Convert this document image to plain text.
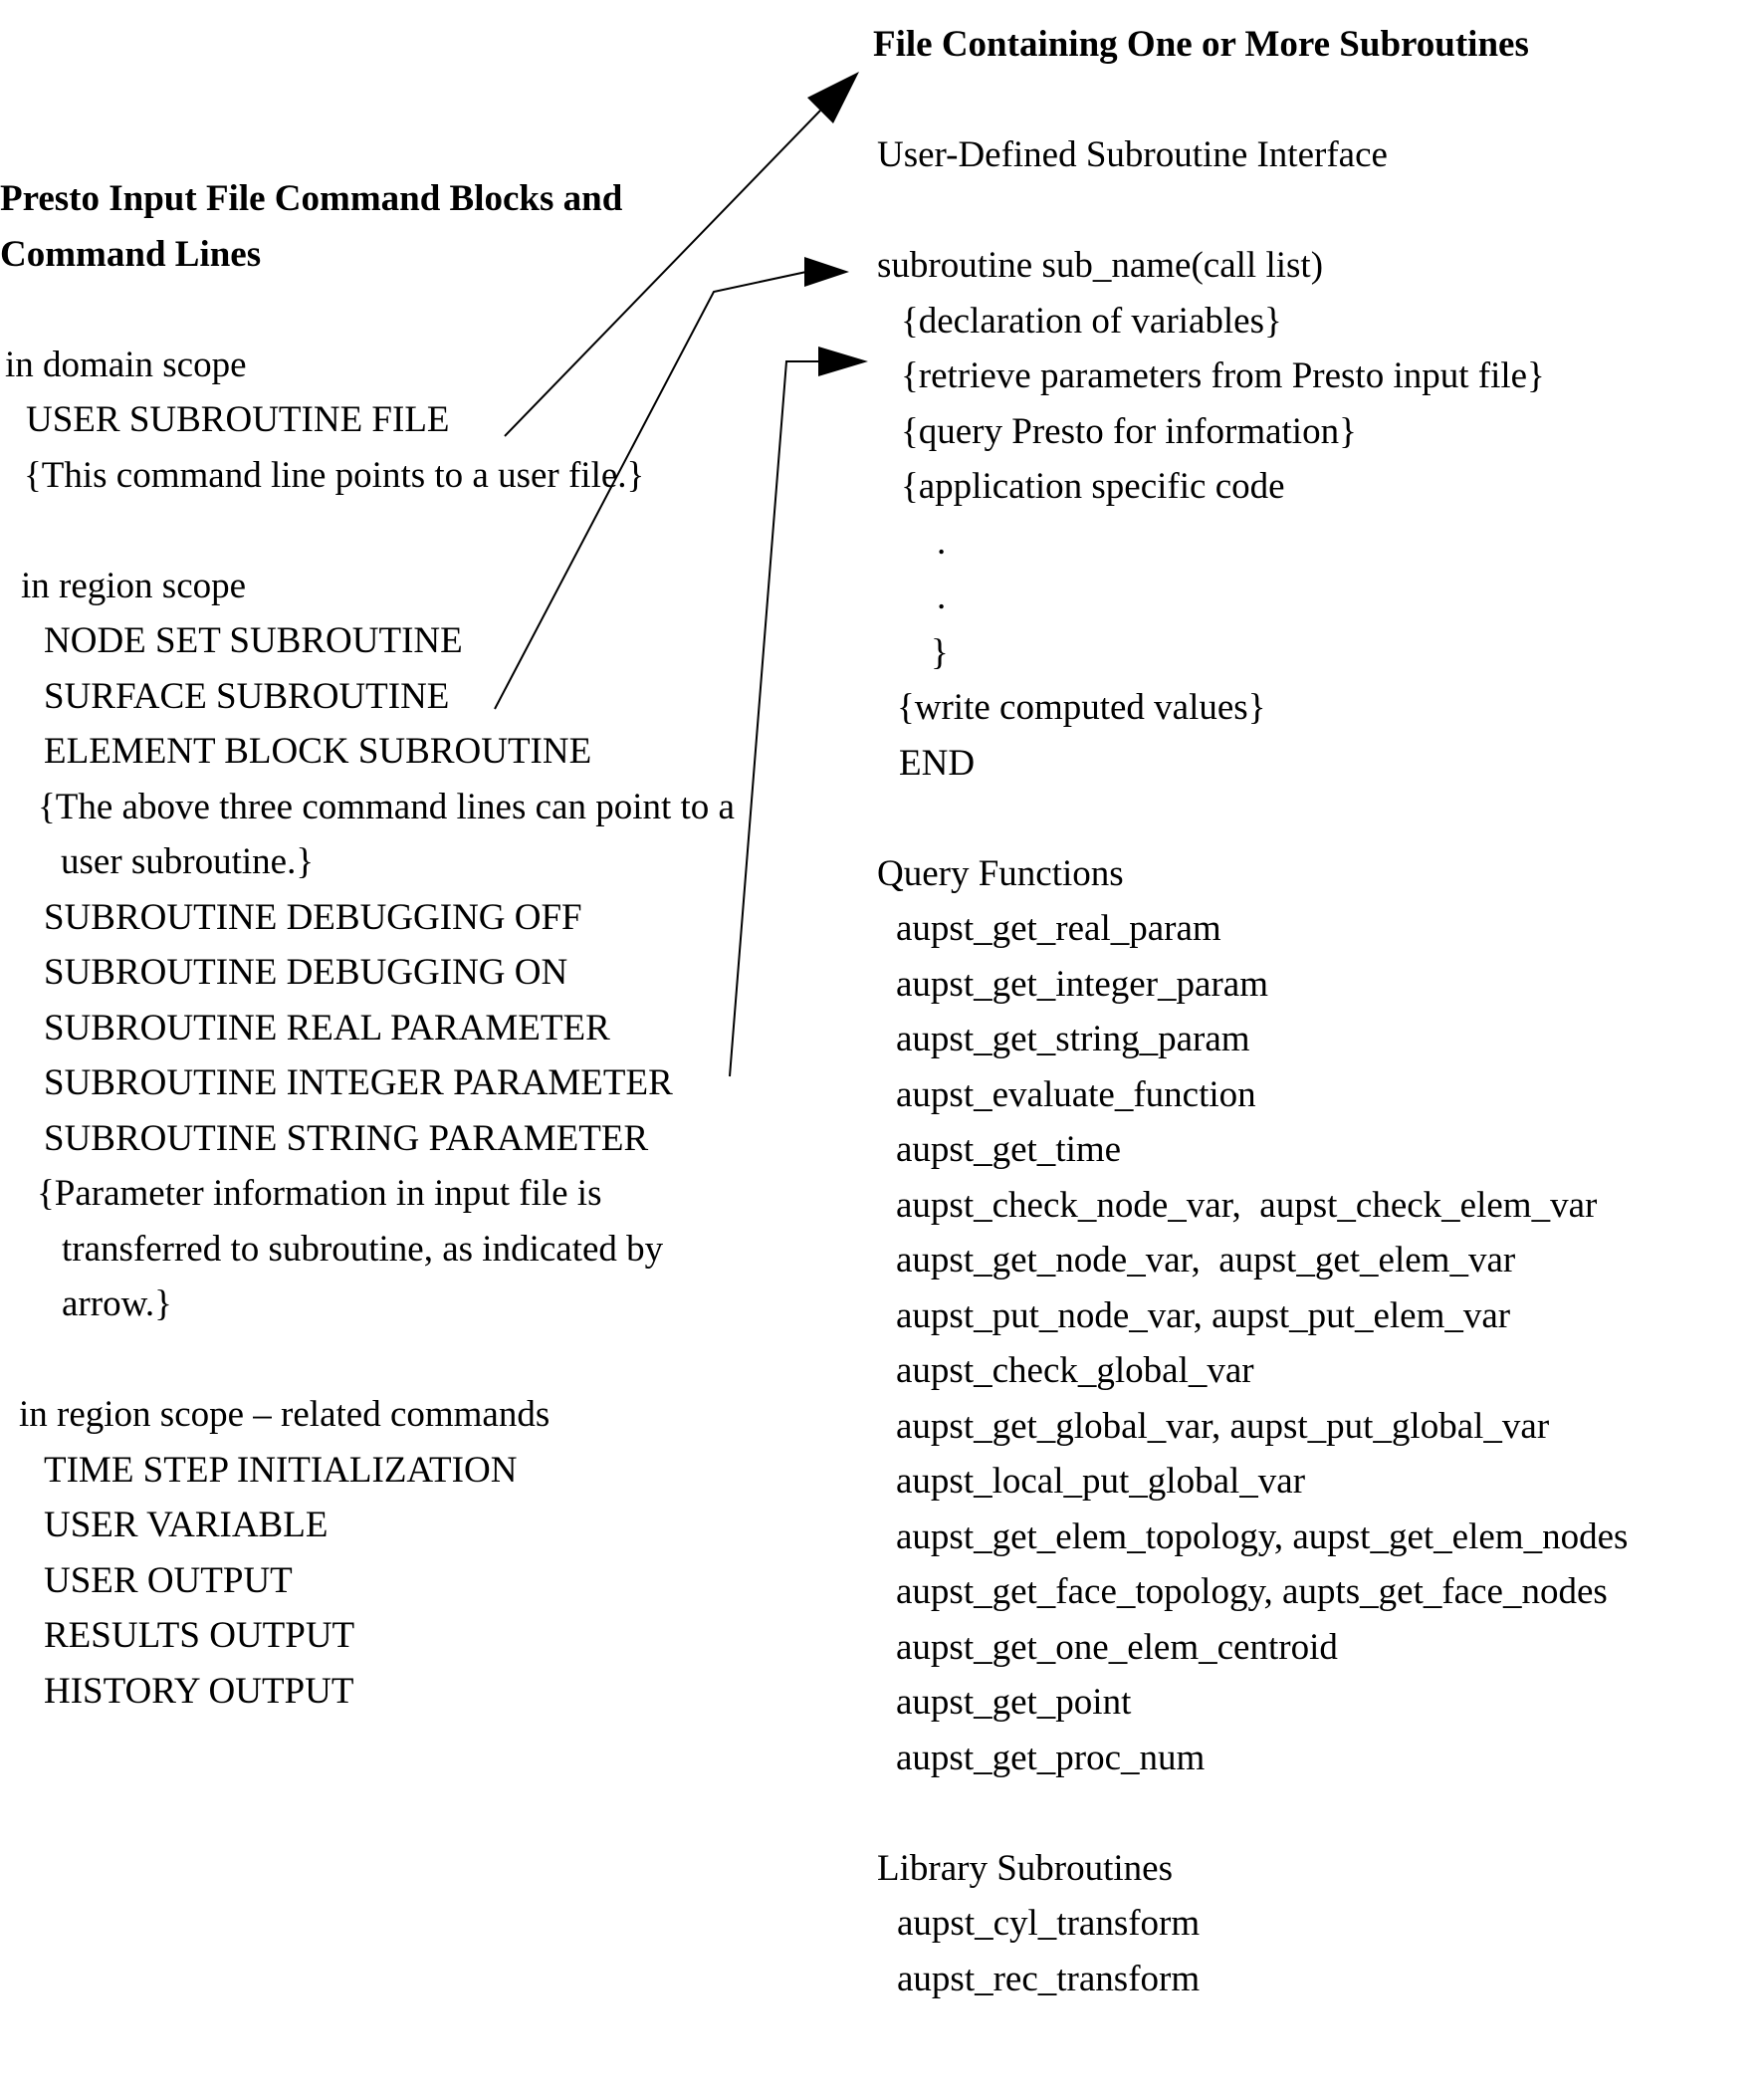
Presto Input File Command Blocks and
Command Lines
in domain scope
USER SUBROUTINE FILE
{This command line points to a user file.}
in region scope
NODE SET SUBROUTINE
SURFACE SUBROUTINE
ELEMENT BLOCK SUBROUTINE
{The above three command lines can point to a
user subroutine.}
SUBROUTINE DEBUGGING OFF
SUBROUTINE DEBUGGING ON
SUBROUTINE REAL PARAMETER
SUBROUTINE INTEGER PARAMETER
SUBROUTINE STRING PARAMETER
{Parameter information in input file is
transferred to subroutine, as indicated by
arrow.}
in region scope – related commands
TIME STEP INITIALIZATION
USER VARIABLE
USER OUTPUT
RESULTS OUTPUT
HISTORY OUTPUT
File Containing One or More Subroutines
User-Defined Subroutine Interface
subroutine sub_name(call list)
{declaration of variables}
{retrieve parameters from Presto input file}
{query Presto for information}
{application specific code
.
.
}
{write computed values}
END
Query Functions
aupst_get_real_param
aupst_get_integer_param
aupst_get_string_param
aupst_evaluate_function
aupst_get_time
aupst_check_node_var,  aupst_check_elem_var
aupst_get_node_var,  aupst_get_elem_var
aupst_put_node_var, aupst_put_elem_var
aupst_check_global_var
aupst_get_global_var, aupst_put_global_var
aupst_local_put_global_var
aupst_get_elem_topology, aupst_get_elem_nodes
aupst_get_face_topology, aupts_get_face_nodes
aupst_get_one_elem_centroid
aupst_get_point
aupst_get_proc_num
Library Subroutines
aupst_cyl_transform
aupst_rec_transform
